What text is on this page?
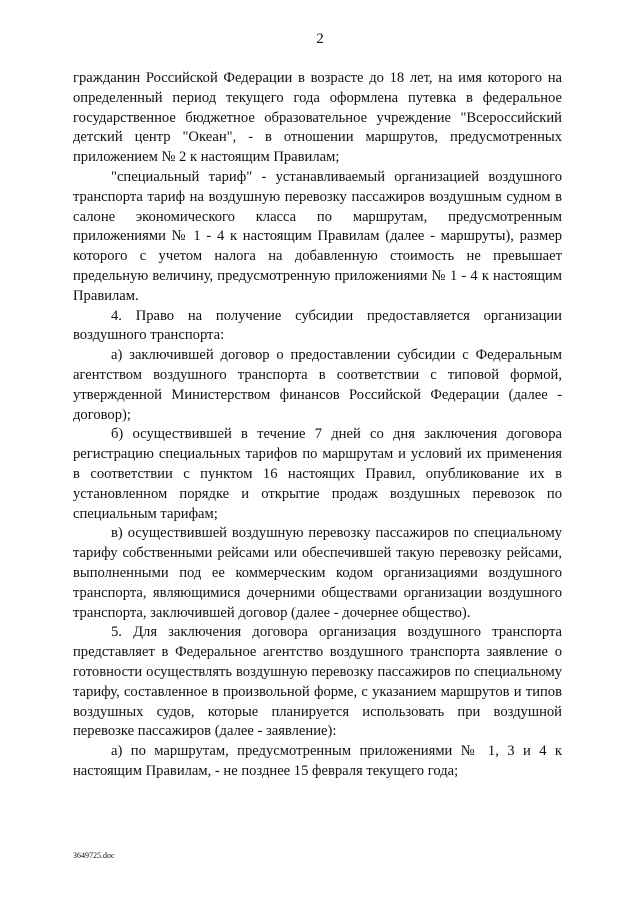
2

гражданин Российской Федерации в возрасте до 18 лет, на имя которого на определенный период текущего года оформлена путевка в федеральное государственное бюджетное образовательное учреждение "Всероссийский детский центр "Океан", - в отношении маршрутов, предусмотренных приложением № 2 к настоящим Правилам;

"специальный тариф" - устанавливаемый организацией воздушного транспорта тариф на воздушную перевозку пассажиров воздушным судном в салоне экономического класса по маршрутам, предусмотренным приложениями № 1 - 4 к настоящим Правилам (далее - маршруты), размер которого с учетом налога на добавленную стоимость не превышает предельную величину, предусмотренную приложениями № 1 - 4 к настоящим Правилам.

4. Право на получение субсидии предоставляется организации воздушного транспорта:

а) заключившей договор о предоставлении субсидии с Федеральным агентством воздушного транспорта в соответствии с типовой формой, утвержденной Министерством финансов Российской Федерации (далее - договор);

б) осуществившей в течение 7 дней со дня заключения договора регистрацию специальных тарифов по маршрутам и условий их применения в соответствии с пунктом 16 настоящих Правил, опубликование их в установленном порядке и открытие продаж воздушных перевозок по специальным тарифам;

в) осуществившей воздушную перевозку пассажиров по специальному тарифу собственными рейсами или обеспечившей такую перевозку рейсами, выполненными под ее коммерческим кодом организациями воздушного транспорта, являющимися дочерними обществами организации воздушного транспорта, заключившей договор (далее - дочернее общество).

5. Для заключения договора организация воздушного транспорта представляет в Федеральное агентство воздушного транспорта заявление о готовности осуществлять воздушную перевозку пассажиров по специальному тарифу, составленное в произвольной форме, с указанием маршрутов и типов воздушных судов, которые планируется использовать при воздушной перевозке пассажиров (далее - заявление):

а) по маршрутам, предусмотренным приложениями № 1, 3 и 4 к настоящим Правилам, - не позднее 15 февраля текущего года;

3649725.doc
